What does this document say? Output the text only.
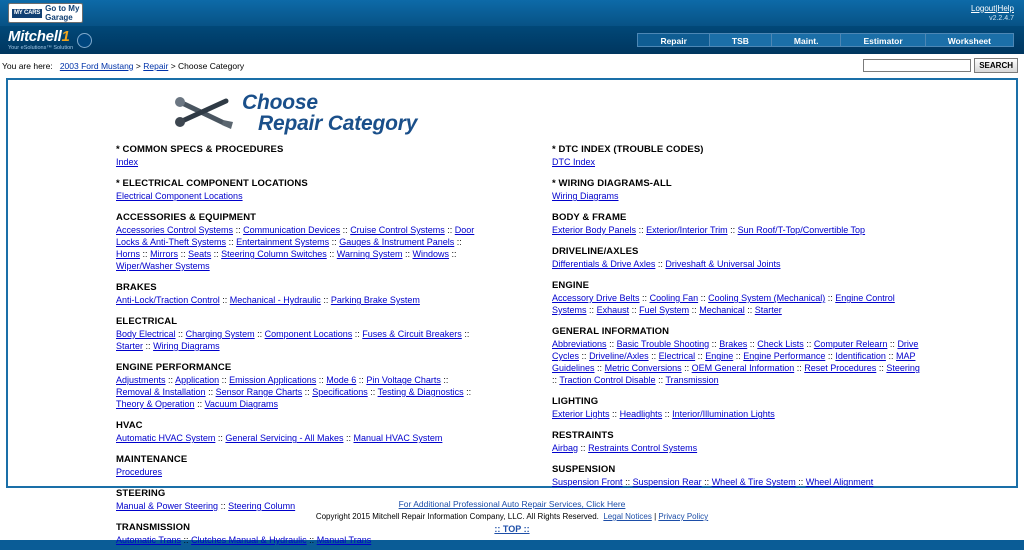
MY CARS Go to My
Garage
Logout|Help
v2.2.4.7
Mitchell1
Your eSolutions™ Solution
Repair	TSB	Maint.	Estimator	Worksheet
You are here: 2003 Ford Mustang > Repair > Choose Category	SEARCH
Choose
Repair Category
* COMMON SPECS & PROCEDURES
Index
* ELECTRICAL COMPONENT LOCATIONS
Electrical Component Locations
ACCESSORIES & EQUIPMENT
Accessories Control Systems :: Communication Devices :: Cruise Control Systems :: Door Locks & Anti-Theft Systems :: Entertainment Systems :: Gauges & Instrument Panels :: Horns :: Mirrors :: Seats :: Steering Column Switches :: Warning System :: Windows :: Wiper/Washer Systems
BRAKES
Anti-Lock/Traction Control :: Mechanical - Hydraulic :: Parking Brake System
ELECTRICAL
Body Electrical :: Charging System :: Component Locations :: Fuses & Circuit Breakers :: Starter :: Wiring Diagrams
ENGINE PERFORMANCE
Adjustments :: Application :: Emission Applications :: Mode 6 :: Pin Voltage Charts :: Removal & Installation :: Sensor Range Charts :: Specifications :: Testing & Diagnostics :: Theory & Operation :: Vacuum Diagrams
HVAC
Automatic HVAC System :: General Servicing - All Makes :: Manual HVAC System
MAINTENANCE
Procedures
STEERING
Manual & Power Steering :: Steering Column
TRANSMISSION
Automatic Trans :: Clutches Manual & Hydraulic :: Manual Trans
* DTC INDEX (TROUBLE CODES)
DTC Index
* WIRING DIAGRAMS-ALL
Wiring Diagrams
BODY & FRAME
Exterior Body Panels :: Exterior/Interior Trim :: Sun Roof/T-Top/Convertible Top
DRIVELINE/AXLES
Differentials & Drive Axles :: Driveshaft & Universal Joints
ENGINE
Accessory Drive Belts :: Cooling Fan :: Cooling System (Mechanical) :: Engine Control Systems :: Exhaust :: Fuel System :: Mechanical :: Starter
GENERAL INFORMATION
Abbreviations :: Basic Trouble Shooting :: Brakes :: Check Lists :: Computer Relearn :: Drive Cycles :: Driveline/Axles :: Electrical :: Engine :: Engine Performance :: Identification :: MAP Guidelines :: Metric Conversions :: OEM General Information :: Reset Procedures :: Steering :: Traction Control Disable :: Transmission
LIGHTING
Exterior Lights :: Headlights :: Interior/Illumination Lights
RESTRAINTS
Airbag :: Restraints Control Systems
SUSPENSION
Suspension Front :: Suspension Rear :: Wheel & Tire System :: Wheel Alignment
For Additional Professional Auto Repair Services, Click Here
Copyright 2015 Mitchell Repair Information Company, LLC. All Rights Reserved. Legal Notices | Privacy Policy
:: TOP ::
